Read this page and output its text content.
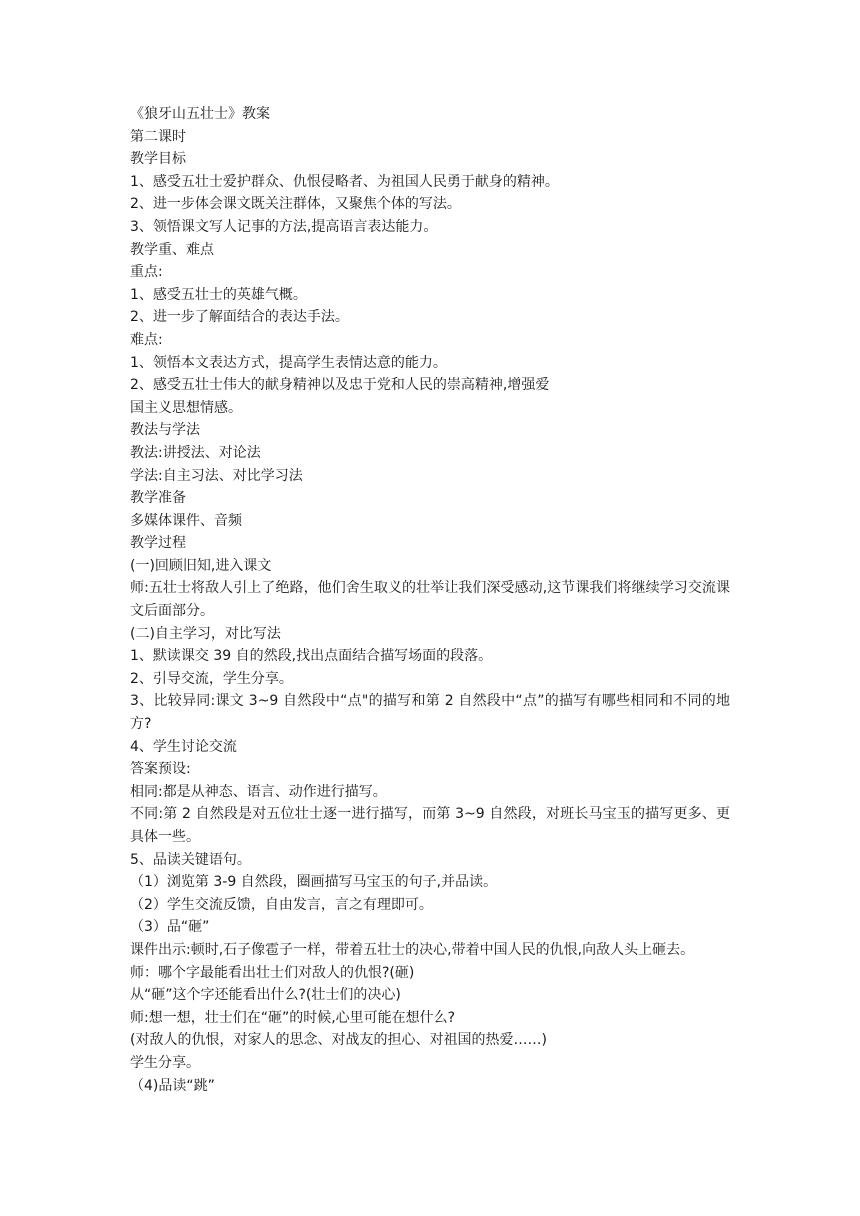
《狼牙山五壮士》教案

第二课时

教学目标

1、感受五壮士爱护群众、仇恨侵略者、为祖国人民勇于献身的精神。

2、进一步体会课文既关注群体，又聚焦个体的写法。

3、领悟课文写人记事的方法,提高语言表达能力。

教学重、难点

重点:

1、感受五壮士的英雄气概。

2、进一步了解面结合的表达手法。

难点:

1、领悟本文表达方式，提高学生表情达意的能力。

2、感受五壮士伟大的献身精神以及忠于党和人民的崇高精神,增强爱

国主义思想情感。

教法与学法

教法:讲授法、对论法

学法:自主习法、对比学习法

教学准备

多媒体课件、音频

教学过程

(一)回顾旧知,进入课文

师:五壮士将敌人引上了绝路，他们舍生取义的壮举让我们深受感动,这节课我们将继续学习交流课文后面部分。

(二)自主学习，对比写法

1、默读课交 39 自的然段,找出点面结合描写场面的段落。

2、引导交流，学生分享。

3、比较异同:课文 3~9 自然段中“点"的描写和第 2 自然段中“点”的描写有哪些相同和不同的地方?

4、学生讨论交流

答案预设:

相同:都是从神态、语言、动作进行描写。

不同:第 2 自然段是对五位壮士逐一进行描写，而第 3~9 自然段，对班长马宝玉的描写更多、更具体一些。

5、品读关键语句。

（1）浏览第 3-9 自然段，圈画描写马宝玉的句子,并品读。

（2）学生交流反馈，自由发言，言之有理即可。

（3）品“砸”

课件出示:顿时,石子像雹子一样，带着五壮士的决心,带着中国人民的仇恨,向敌人头上砸去。

师：哪个字最能看出壮士们对敌人的仇恨?(砸)

从“砸”这个字还能看出什么?(壮士们的决心)

师:想一想，壮士们在“砸”的时候,心里可能在想什么?

(对敌人的仇恨，对家人的思念、对战友的担心、对祖国的热爱……)

学生分享。

（4)品读“跳”
